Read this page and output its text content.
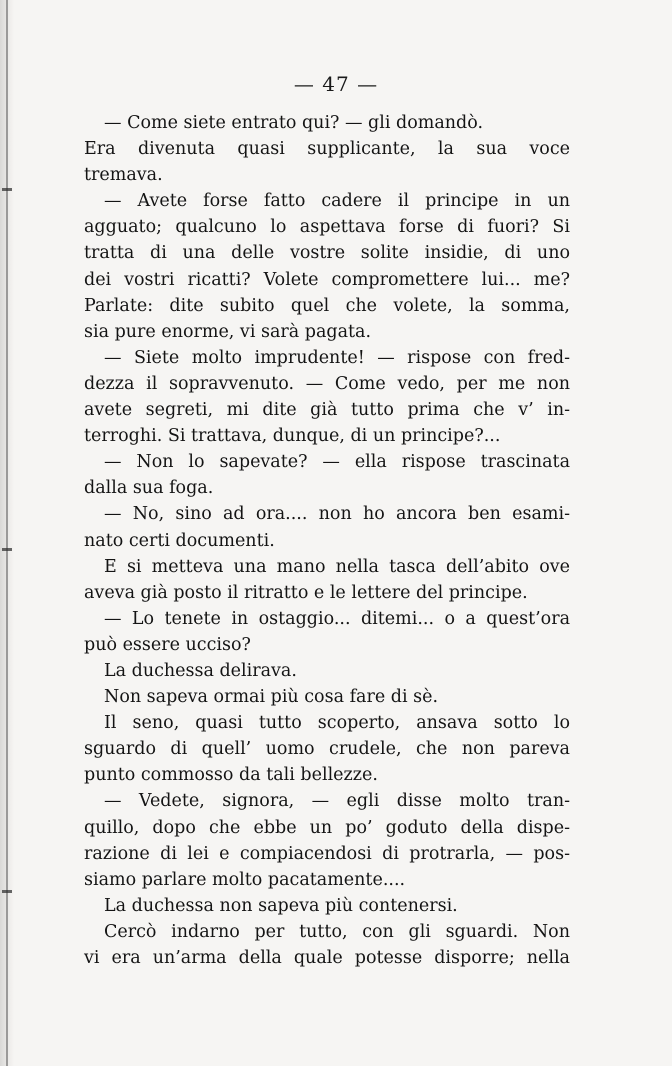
— 47 —
— Come siete entrato qui? — gli domandò.
Era divenuta quasi supplicante, la sua voce
tremava.
— Avete forse fatto cadere il principe in un
agguato; qualcuno lo aspettava forse di fuori? Si
tratta di una delle vostre solite insidie, di uno
dei vostri ricatti? Volete compromettere lui... me?
Parlate: dite subito quel che volete, la somma,
sia pure enorme, vi sarà pagata.
— Siete molto imprudente! — rispose con fred-
dezza il sopravvenuto. — Come vedo, per me non
avete segreti, mi dite già tutto prima che v’ in-
terroghi. Si trattava, dunque, di un principe?...
— Non lo sapevate? — ella rispose trascinata
dalla sua foga.
— No, sino ad ora.... non ho ancora ben esami-
nato certi documenti.
E si metteva una mano nella tasca dell’abito ove
aveva già posto il ritratto e le lettere del principe.
— Lo tenete in ostaggio... ditemi... o a quest’ora
può essere ucciso?
La duchessa delirava.
Non sapeva ormai più cosa fare di sè.
Il seno, quasi tutto scoperto, ansava sotto lo
sguardo di quell’ uomo crudele, che non pareva
punto commosso da tali bellezze.
— Vedete, signora, — egli disse molto tran-
quillo, dopo che ebbe un po’ goduto della dispe-
razione di lei e compiacendosi di protrarla, — pos-
siamo parlare molto pacatamente....
La duchessa non sapeva più contenersi.
Cercò indarno per tutto, con gli sguardi. Non
vi era un’arma della quale potesse disporre; nella
